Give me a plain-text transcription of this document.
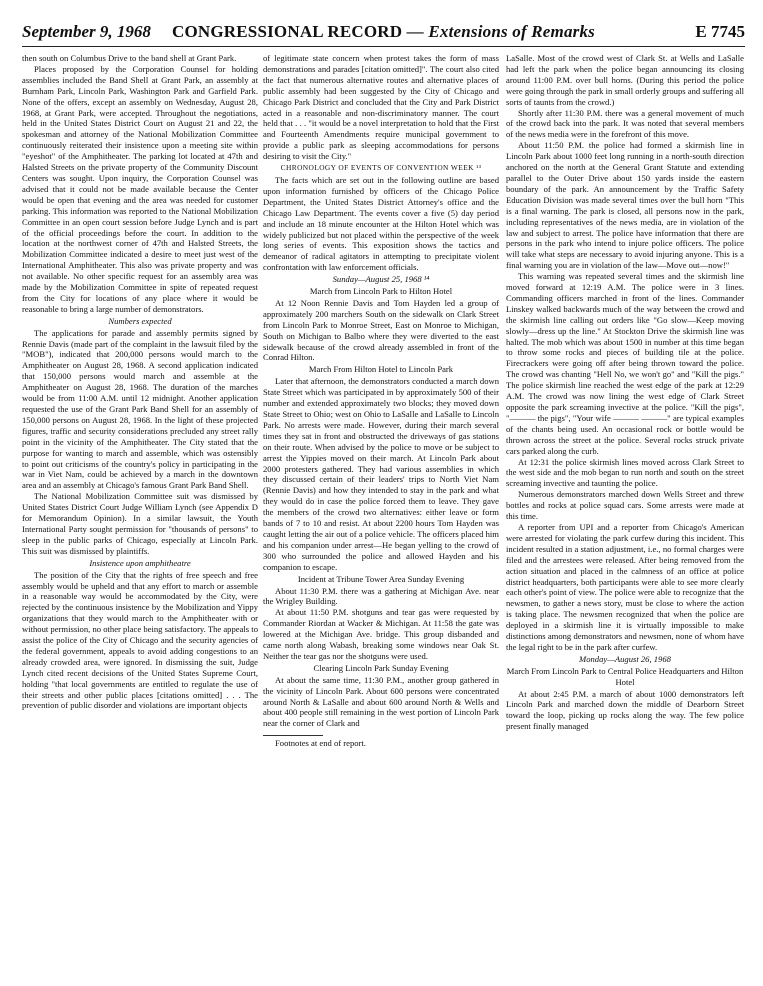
September 9, 1968	CONGRESSIONAL RECORD — Extensions of Remarks	E 7745

then south on Columbus Drive to the band shell at Grant Park.

Places proposed by the Corporation Counsel for holding assemblies included the Band Shell at Grant Park, an assembly at Burnham Park, Lincoln Park, Washington Park and Garfield Park. None of the offers, except an assembly on Wednesday, August 28, 1968, at Grant Park, were accepted. Throughout the negotiations, held in the United States District Court on August 21 and 22, the spokesman and attorney of the National Mobilization Committee continuously reiterated their insistence upon a meeting site within "eyeshot" of the Amphitheater. The parking lot located at 47th and Halsted Streets on the private property of the Community Discount Centers was sought. Upon inquiry, the Corporation Counsel was advised that it could not be made available because the Center would be open that evening and the area was needed for customer parking. This information was reported to the National Mobilization Committee in an open court session before Judge Lynch and is part of the official proceedings before the court. In addition to the location at the northwest corner of 47th and Halsted Streets, the Mobilization Committee indicated a desire to meet just west of the International Amphitheater. This also was private property and was not available. No other specific request for an assembly area was made by the Mobilization Committee in spite of repeated request from the City for locations of any place where it would be reasonable to bring a large number of demonstrators.

Numbers expected

The applications for parade and assembly permits signed by Rennie Davis (made part of the complaint in the lawsuit filed by the "MOB"), indicated that 200,000 persons would march to the Amphitheater on August 28, 1968. A second application indicated that 150,000 persons would march and assemble at the Amphitheater on August 28, 1968. The duration of the marches would be from 11:00 A.M. until 12 midnight. Another application requested the use of the Grant Park Band Shell for an assembly of 150,000 persons on August 28, 1968. In the light of these projected figures, traffic and security considerations precluded any street rally point in the vicinity of the Amphitheater. The City stated that the purpose for wanting to march and assemble, which was ostensibly to point out criticisms of the country's policy in participating in the war in Viet Nam, could be achieved by a march in the downtown area and an assembly at Chicago's famous Grant Park Band Shell.

The National Mobilization Committee suit was dismissed by United States District Court Judge William Lynch (see Appendix D for Memorandum Opinion). In a similar lawsuit, the Youth International Party sought permission for "thousands of persons" to sleep in the public parks of Chicago, especially at Lincoln Park. This suit was dismissed by plaintiffs.

Insistence upon amphitheatre

The position of the City that the rights of free speech and free assembly would be upheld and that any effort to march or assemble in a reasonable way would be accommodated by the City, were rejected by the continuous insistence by the Mobilization and Yippy organizations that they would march to the Amphitheater with or without permission, no other place being satisfactory. The appeals to assist the police of the City of Chicago and the security agencies of the federal government, appeals to avoid adding congestions to an already crowded area, were ignored. In dismissing the suit, Judge Lynch cited recent decisions of the United States Supreme Court, holding "that local governments are entitled to regulate the use of their streets and other public places [citations omitted] . . . The prevention of public disorder and violations are important objects

of legitimate state concern when protest takes the form of mass demonstrations and parades [citation omitted]". The court also cited the fact that numerous alternative routes and alternative places of public assembly had been suggested by the City of Chicago and Chicago Park District and concluded that the City and Park District acted in a reasonable and non-discriminatory manner. The court held that . . . "it would be a novel interpretation to hold that the First and Fourteenth Amendments require municipal government to provide a public park as sleeping accommodations for persons desiring to visit the City."

CHRONOLOGY OF EVENTS OF CONVENTION WEEK ¹³

The facts which are set out in the following outline are based upon information furnished by officers of the Chicago Police Department, the United States District Attorney's office and the Chicago Law Department. The events cover a five (5) day period and include an 18 minute encounter at the Hilton Hotel which was widely publicized but not placed within the perspective of the week long series of events. This exposition shows the tactics and demeanor of radical agitators in attempting to precipitate violent confrontation with law enforcement officials.

Sunday—August 25, 1968 ¹⁴

March from Lincoln Park to Hilton Hotel

At 12 Noon Rennie Davis and Tom Hayden led a group of approximately 200 marchers South on the sidewalk on Clark Street from Lincoln Park to Monroe Street, East on Monroe to Michigan, South on Michigan to Balbo where they were diverted to the east sidewalk because of the crowd already assembled in front of the Conrad Hilton.

March From Hilton Hotel to Lincoln Park

Later that afternoon, the demonstrators conducted a march down State Street which was participated in by approximately 500 of their number and extended approximately two blocks; they moved down State Street to Ohio; west on Ohio to LaSalle and LaSalle to Lincoln Park. No arrests were made. However, during their march several times they sat in front and obstructed the driveways of gas stations on their route. When advised by the police to move or be subject to arrest the Yippies moved on their march. At Lincoln Park about 2000 protesters gathered. They had various assemblies in which they discussed certain of their leaders' trips to North Viet Nam (Rennie Davis) and how they intended to stay in the park and what they would do in case the police forced them to leave. They gave the members of the crowd two alternatives: either leave or form bands of 7 to 10 and resist. At about 2200 hours Tom Hayden was caught letting the air out of a police vehicle. The officers placed him and his companion under arrest—He began yelling to the crowd of 300 who surrounded the police and allowed Hayden and his companion to escape.

Incident at Tribune Tower Area Sunday Evening

About 11:30 P.M. there was a gathering at Michigan Ave. near the Wrigley Building.

At about 11:50 P.M. shotguns and tear gas were requested by Commander Riordan at Wacker & Michigan. At 11:58 the gate was lowered at the Michigan Ave. bridge. This group disbanded and came north along Wabash, breaking some windows near Oak St. Neither the tear gas nor the shotguns were used.

Clearing Lincoln Park Sunday Evening

At about the same time, 11:30 P.M., another group gathered in the vicinity of Lincoln Park. About 600 persons were concentrated around North & LaSalle and about 600 around North & Wells and about 400 people still remaining in the west portion of Lincoln Park near the corner of Clark and

Footnotes at end of report.

LaSalle. Most of the crowd west of Clark St. at Wells and LaSalle had left the park when the police began announcing its closing around 11:00 P.M. over bull horns. (During this period the police were going through the park in small orderly groups and suffering all sorts of taunts from the crowd.)

Shortly after 11:30 P.M. there was a general movement of much of the crowd back into the park. It was noted that several members of the news media were in the forefront of this move.

About 11:50 P.M. the police had formed a skirmish line in Lincoln Park about 1000 feet long running in a north-south direction anchored on the north at the General Grant Statute and extending parallel to the Outer Drive about 150 yards inside the eastern boundary of the park. An announcement by the Traffic Safety Education Division was made several times over the bull horn "This is a final warning. The park is closed, all persons now in the park, including representatives of the news media, are in violation of the law and subject to arrest. The police have information that there are persons in the park who intend to injure police officers. The police will take what steps are necessary to avoid injuring anyone. This is a final warning you are in violation of the law—Move out—now!"

This warning was repeated several times and the skirmish line moved forward at 12:19 A.M. The police were in 3 lines. Commanding officers marched in front of the lines. Commander Linskey walked backwards much of the way between the crowd and the skirmish line calling out orders like "Go slow—Keep moving slowly—dress up the line." At Stockton Drive the skirmish line was halted. The mob which was about 1500 in number at this time began to throw some rocks and pieces of building tile at the police. Firecrackers were going off after being thrown toward the police. The crowd was chanting "Hell No, we won't go" and "Kill the pigs." The police skirmish line reached the west edge of the park at 12:29 A.M. The crowd was now lining the west edge of Clark Street opposite the park screaming invective at the police. "Kill the pigs", "——— the pigs", "Your wife ——— ———" are typical examples of the chants being used. An occasional rock or bottle would be thrown across the street at the police. Several rocks struck private cars parked along the curb.

At 12:31 the police skirmish lines moved across Clark Street to the west side and the mob began to run north and south on the street screaming invective and taunting the police.

Numerous demonstrators marched down Wells Street and threw bottles and rocks at police squad cars. Some arrests were made at this time.

A reporter from UPI and a reporter from Chicago's American were arrested for violating the park curfew during this incident. This incident resulted in a station adjustment, i.e., no formal charges were filed and the arrestees were released. After being removed from the action situation and placed in the calmness of an office at police district headquarters, both participants were able to see more clearly each other's point of view. The police were able to recognize that the newsmen, to gather a news story, must be close to where the action is taking place. The newsmen recognized that when the police are deployed in a skirmish line it is virtually impossible to make distinctions among demonstrators and newsmen, none of whom have the legal right to be in the park after curfew.

Monday—August 26, 1968

March From Lincoln Park to Central Police Headquarters and Hilton Hotel

At about 2:45 P.M. a march of about 1000 demonstrators left Lincoln Park and marched down the middle of Dearborn Street toward the loop, picking up rocks along the way. The few police present finally managed
